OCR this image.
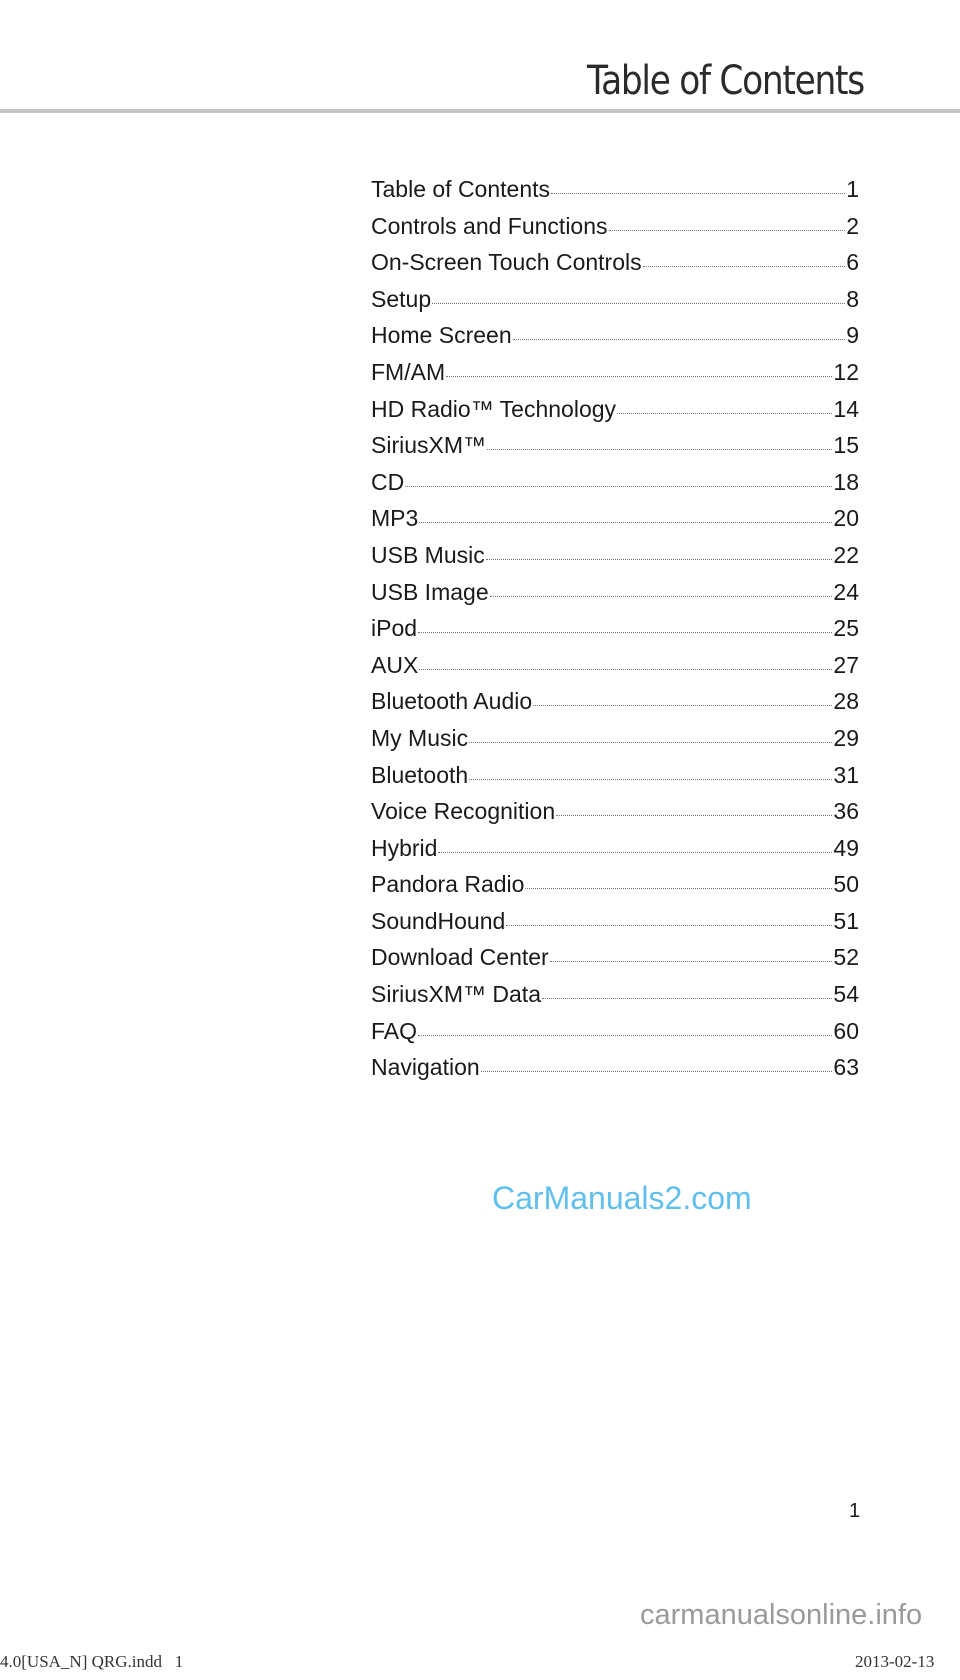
Table of Contents
Table of Contents	1
Controls and Functions	2
On-Screen Touch Controls	6
Setup	8
Home Screen	9
FM/AM	12
HD Radio™ Technology	14
SiriusXM™	15
CD	18
MP3	20
USB Music	22
USB Image	24
iPod	25
AUX	27
Bluetooth Audio	28
My Music	29
Bluetooth	31
Voice Recognition	36
Hybrid	49
Pandora Radio	50
SoundHound	51
Download Center	52
SiriusXM™ Data	54
FAQ	60
Navigation	63
CarManuals2.com
1
carmanualsonline.info
4.0[USA_N] QRG.indd   1	2013-02-13
